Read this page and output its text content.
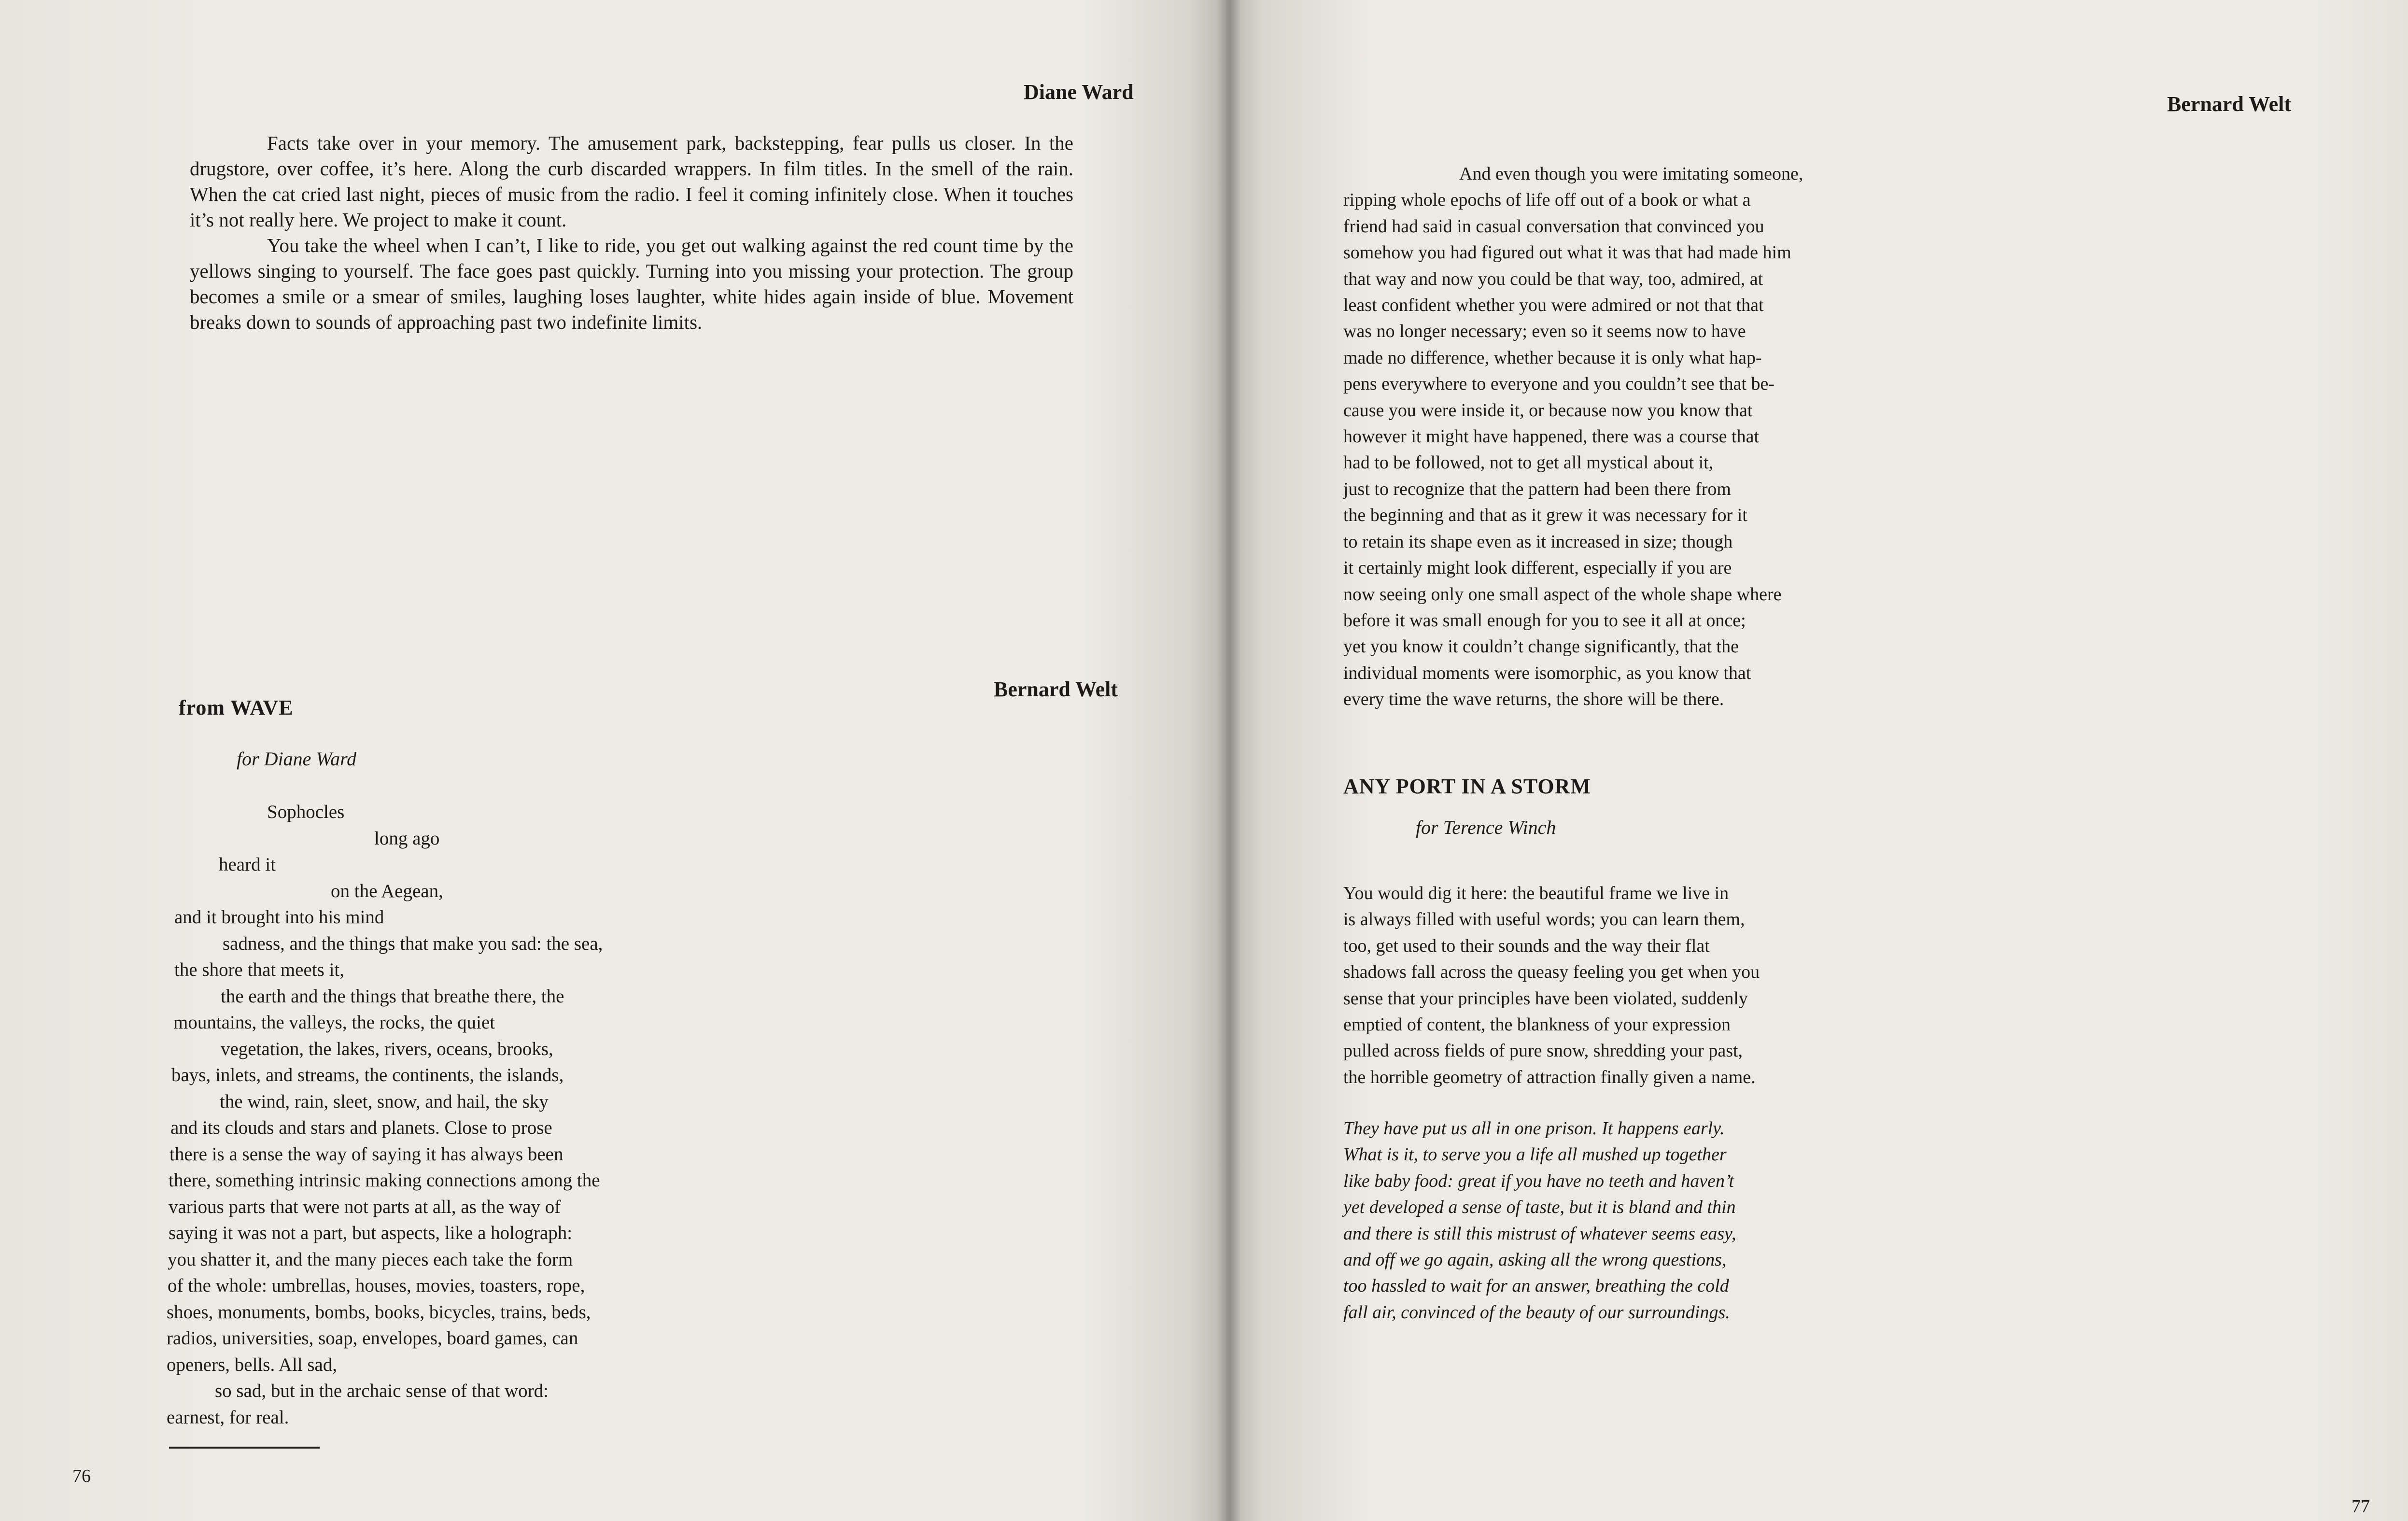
Diane Ward

Facts take over in your memory. The amusement park, backstepping, fear pulls us closer. In the drugstore, over coffee, it’s here. Along the curb discarded wrappers. In film titles. In the smell of the rain. When the cat cried last night, pieces of music from the radio. I feel it coming infinitely close. When it touches it’s not really here. We project to make it count.

You take the wheel when I can’t, I like to ride, you get out walking against the red count time by the yellows singing to yourself. The face goes past quickly. Turning into you missing your protection. The group becomes a smile or a smear of smiles, laughing loses laughter, white hides again inside of blue. Movement breaks down to sounds of approaching past two indefinite limits.

Bernard Welt
from WAVE
for Diane Ward
Sophocles
long ago
heard it
on the Aegean,
and it brought into his mind
sadness, and the things that make you sad: the sea,
the shore that meets it,
the earth and the things that breathe there, the
mountains, the valleys, the rocks, the quiet
vegetation, the lakes, rivers, oceans, brooks,
bays, inlets, and streams, the continents, the islands,
the wind, rain, sleet, snow, and hail, the sky
and its clouds and stars and planets. Close to prose
there is a sense the way of saying it has always been
there, something intrinsic making connections among the
various parts that were not parts at all, as the way of
saying it was not a part, but aspects, like a holograph:
you shatter it, and the many pieces each take the form
of the whole: umbrellas, houses, movies, toasters, rope,
shoes, monuments, bombs, books, bicycles, trains, beds,
radios, universities, soap, envelopes, board games, can
openers, bells. All sad,
so sad, but in the archaic sense of that word:
earnest, for real.
76
Bernard Welt
And even though you were imitating someone,
ripping whole epochs of life off out of a book or what a
friend had said in casual conversation that convinced you
somehow you had figured out what it was that had made him
that way and now you could be that way, too, admired, at
least confident whether you were admired or not that that
was no longer necessary; even so it seems now to have
made no difference, whether because it is only what hap-
pens everywhere to everyone and you couldn’t see that be-
cause you were inside it, or because now you know that
however it might have happened, there was a course that
had to be followed, not to get all mystical about it,
just to recognize that the pattern had been there from
the beginning and that as it grew it was necessary for it
to retain its shape even as it increased in size; though
it certainly might look different, especially if you are
now seeing only one small aspect of the whole shape where
before it was small enough for you to see it all at once;
yet you know it couldn’t change significantly, that the
individual moments were isomorphic, as you know that
every time the wave returns, the shore will be there.
ANY PORT IN A STORM
for Terence Winch
You would dig it here: the beautiful frame we live in
is always filled with useful words; you can learn them,
too, get used to their sounds and the way their flat
shadows fall across the queasy feeling you get when you
sense that your principles have been violated, suddenly
emptied of content, the blankness of your expression
pulled across fields of pure snow, shredding your past,
the horrible geometry of attraction finally given a name.
They have put us all in one prison. It happens early.
What is it, to serve you a life all mushed up together
like baby food: great if you have no teeth and haven’t
yet developed a sense of taste, but it is bland and thin
and there is still this mistrust of whatever seems easy,
and off we go again, asking all the wrong questions,
too hassled to wait for an answer, breathing the cold
fall air, convinced of the beauty of our surroundings.
77
